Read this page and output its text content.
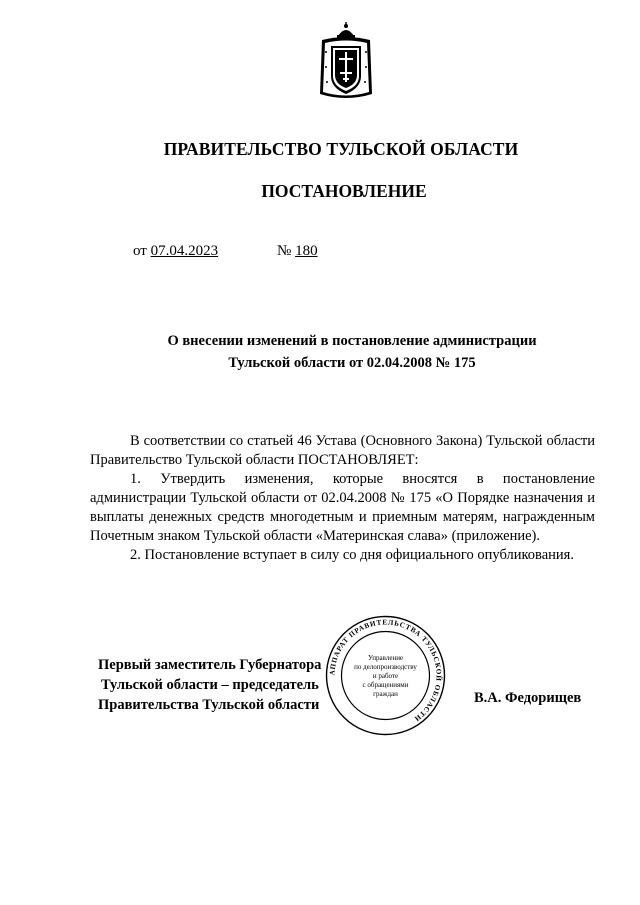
ПРАВИТЕЛЬСТВО ТУЛЬСКОЙ ОБЛАСТИ
ПОСТАНОВЛЕНИЕ
от 07.04.2023	№ 180
О внесении изменений в постановление администрации
Тульской области от 02.04.2008 № 175

В соответствии со статьей 46 Устава (Основного Закона) Тульской области Правительство Тульской области ПОСТАНОВЛЯЕТ:

1. Утвердить изменения, которые вносятся в постановление администрации Тульской области от 02.04.2008 № 175 «О Порядке назначения и выплаты денежных средств многодетным и приемным матерям, награжденным Почетным знаком Тульской области «Материнская слава» (приложение).

2. Постановление вступает в силу со дня официального опубликования.

Первый заместитель Губернатора
Тульской области – председатель
Правительства Тульской области
АППАРАТ ПРАВИТЕЛЬСТВА ТУЛЬСКОЙ ОБЛАСТИ
Управление
по делопроизводству
и работе
с обращениями
граждан	В.А. Федорищев
